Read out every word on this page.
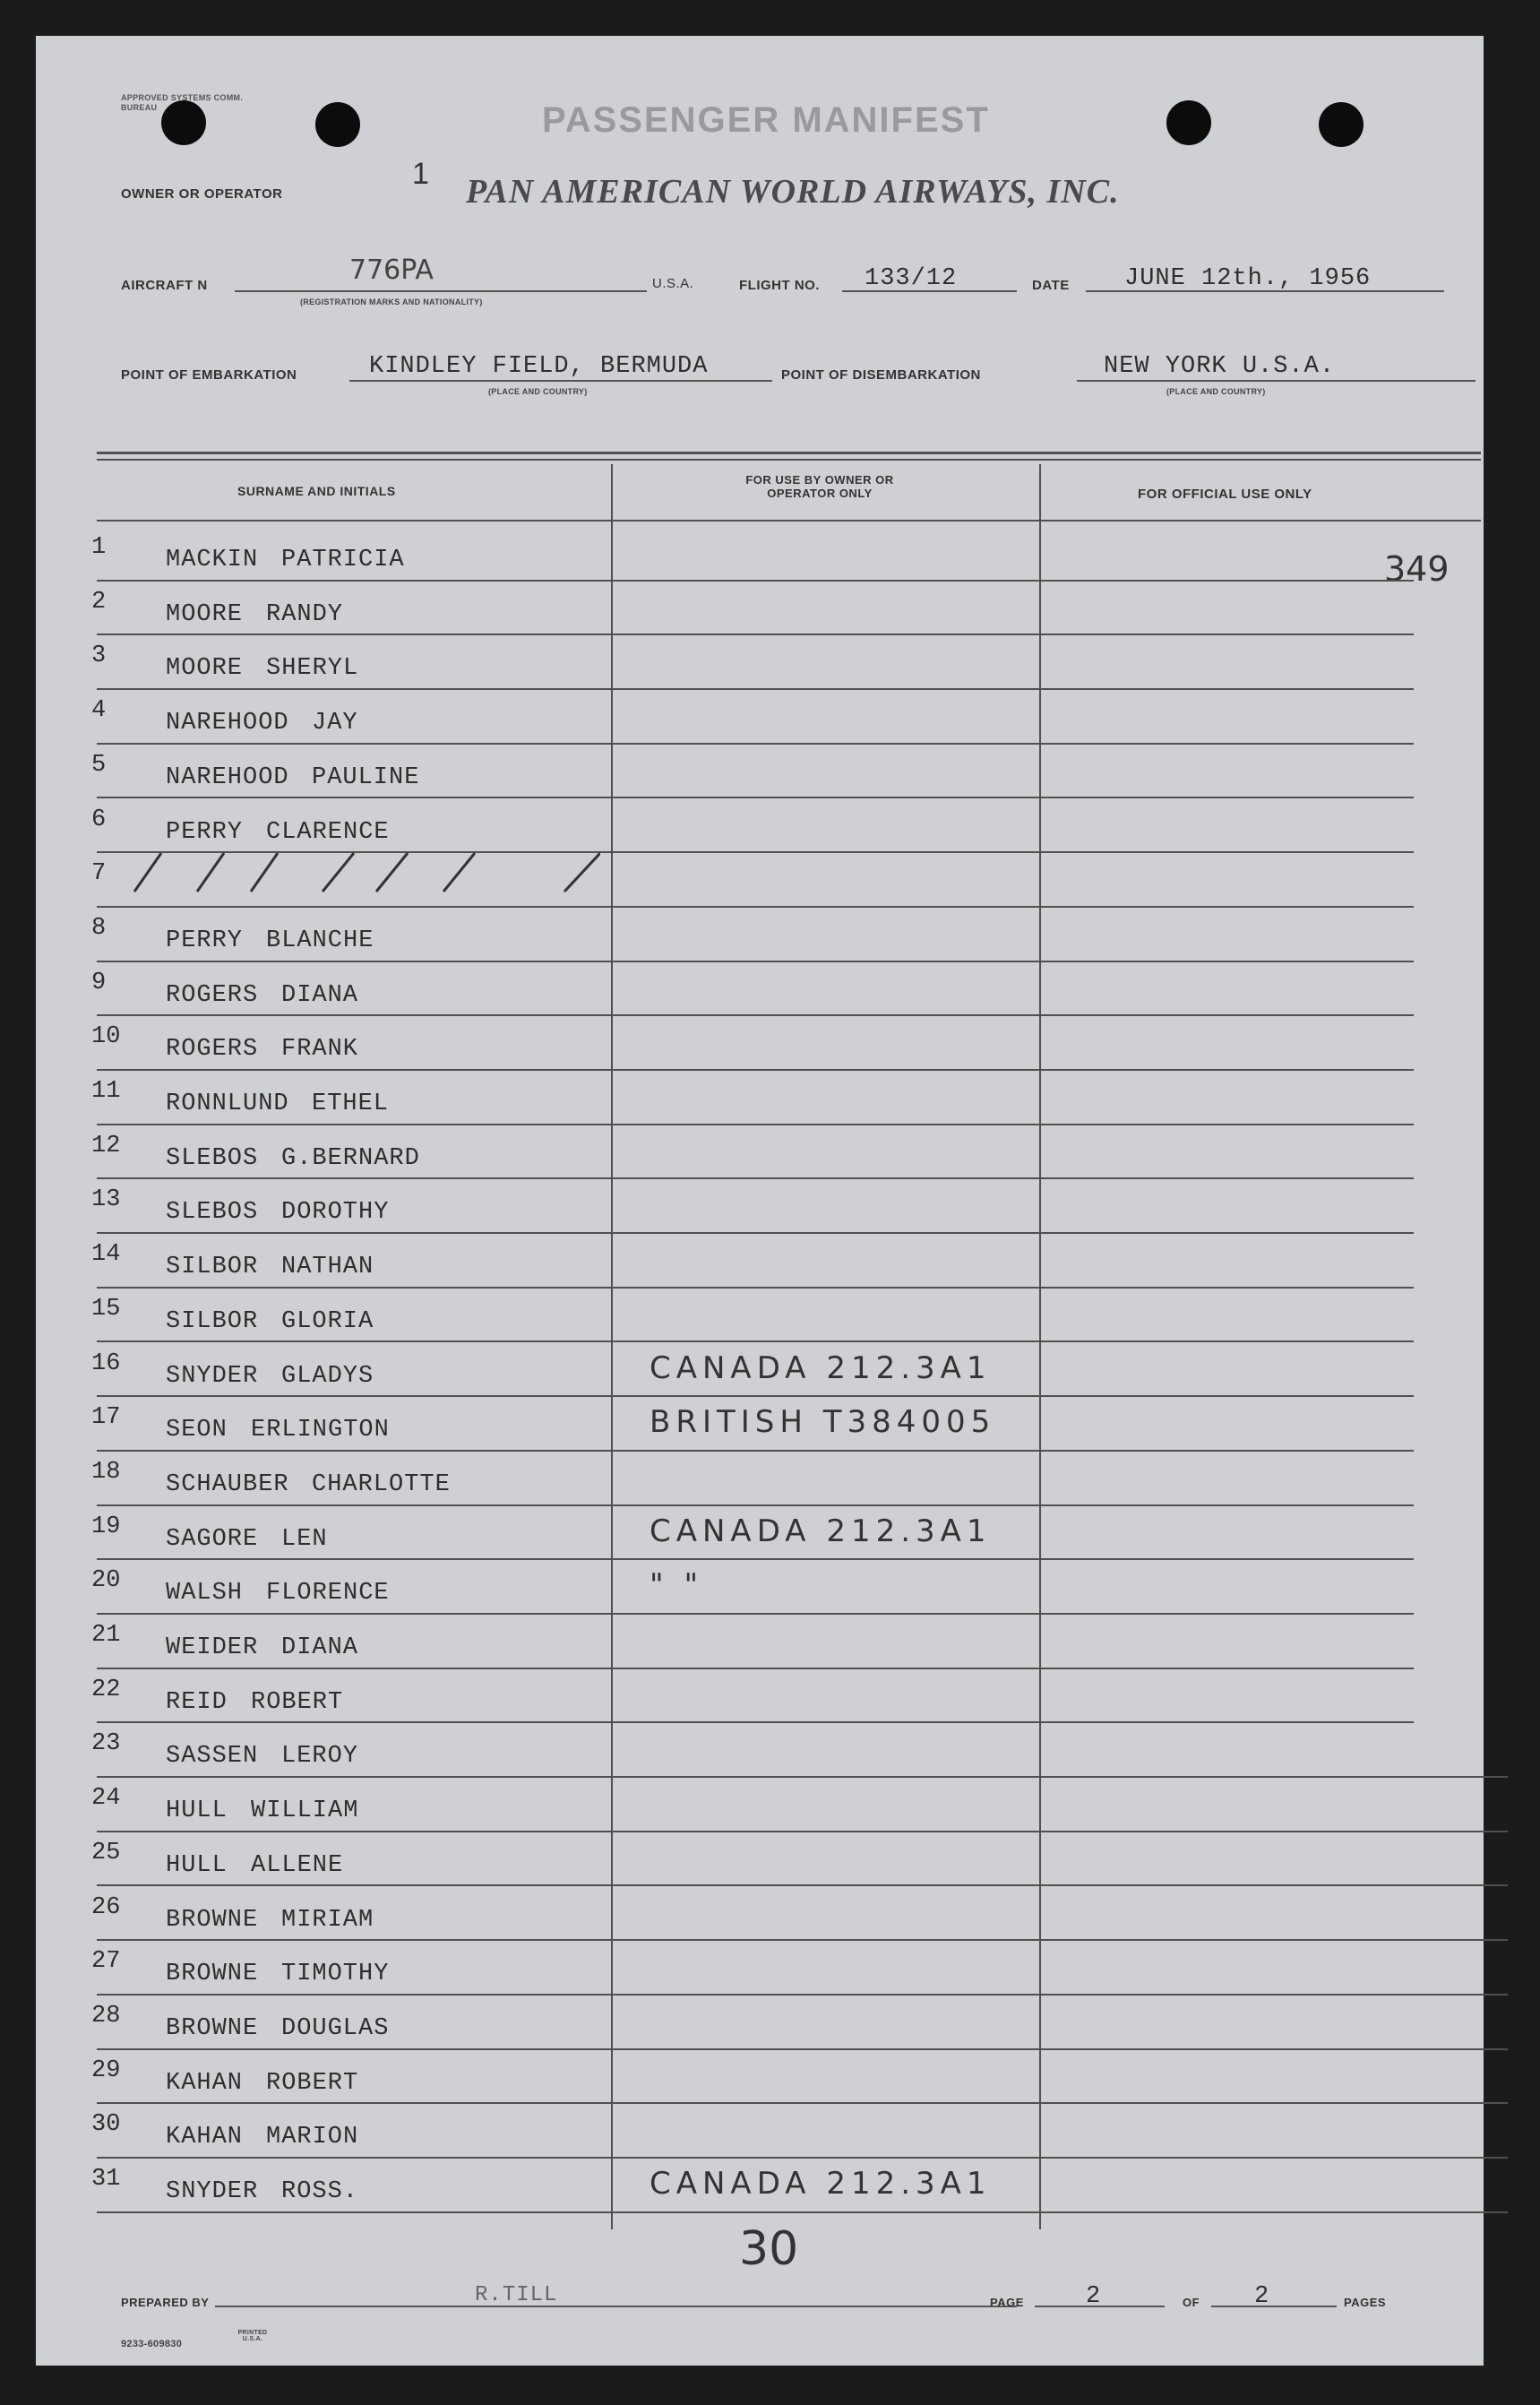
APPROVED SYSTEMS COMM. BUREAU	PASSENGER MANIFEST
OWNER OR OPERATOR
1 PAN AMERICAN WORLD AIRWAYS, INC.
AIRCRAFT N	776PA
(REGISTRATION MARKS AND NATIONALITY)
U.S.A.	FLIGHT NO. 133/12	DATE JUNE 12th., 1956
POINT OF EMBARKATION	KINDLEY FIELD, BERMUDA
(PLACE AND COUNTRY)
POINT OF DISEMBARKATION	NEW YORK U.S.A.
(PLACE AND COUNTRY)
SURNAME AND INITIALS
FOR USE BY OWNER OR OPERATOR ONLY	FOR OFFICIAL USE ONLY
349
1 MACKIN PATRICIA
2 MOORE RANDY
3 MOORE SHERYL
4 NAREHOOD JAY
5 NAREHOOD PAULINE
6 PERRY CLARENCE
7
8 PERRY BLANCHE
9 ROGERS DIANA
10 ROGERS FRANK
11 RONNLUND ETHEL
12 SLEBOS G.BERNARD
13 SLEBOS DOROTHY
14 SILBOR NATHAN
15 SILBOR GLORIA
16 SNYDER GLADYS	CANADA 212.3A1
17 SEON ERLINGTON	BRITISH T384005
18 SCHAUBER CHARLOTTE
19 SAGORE LEN	CANADA 212.3A1
20 WALSH FLORENCE	" "
21 WEIDER DIANA
22 REID ROBERT
23 SASSEN LEROY
24 HULL WILLIAM
25 HULL ALLENE
26 BROWNE MIRIAM
27 BROWNE TIMOTHY
28 BROWNE DOUGLAS
29 KAHAN ROBERT
30 KAHAN MARION
31 SNYDER ROSS.	CANADA 212.3A1
30
PREPARED BY	R.TILL	PAGE	2	OF 2	PAGES
9233-609830
PRINTED U.S.A.
